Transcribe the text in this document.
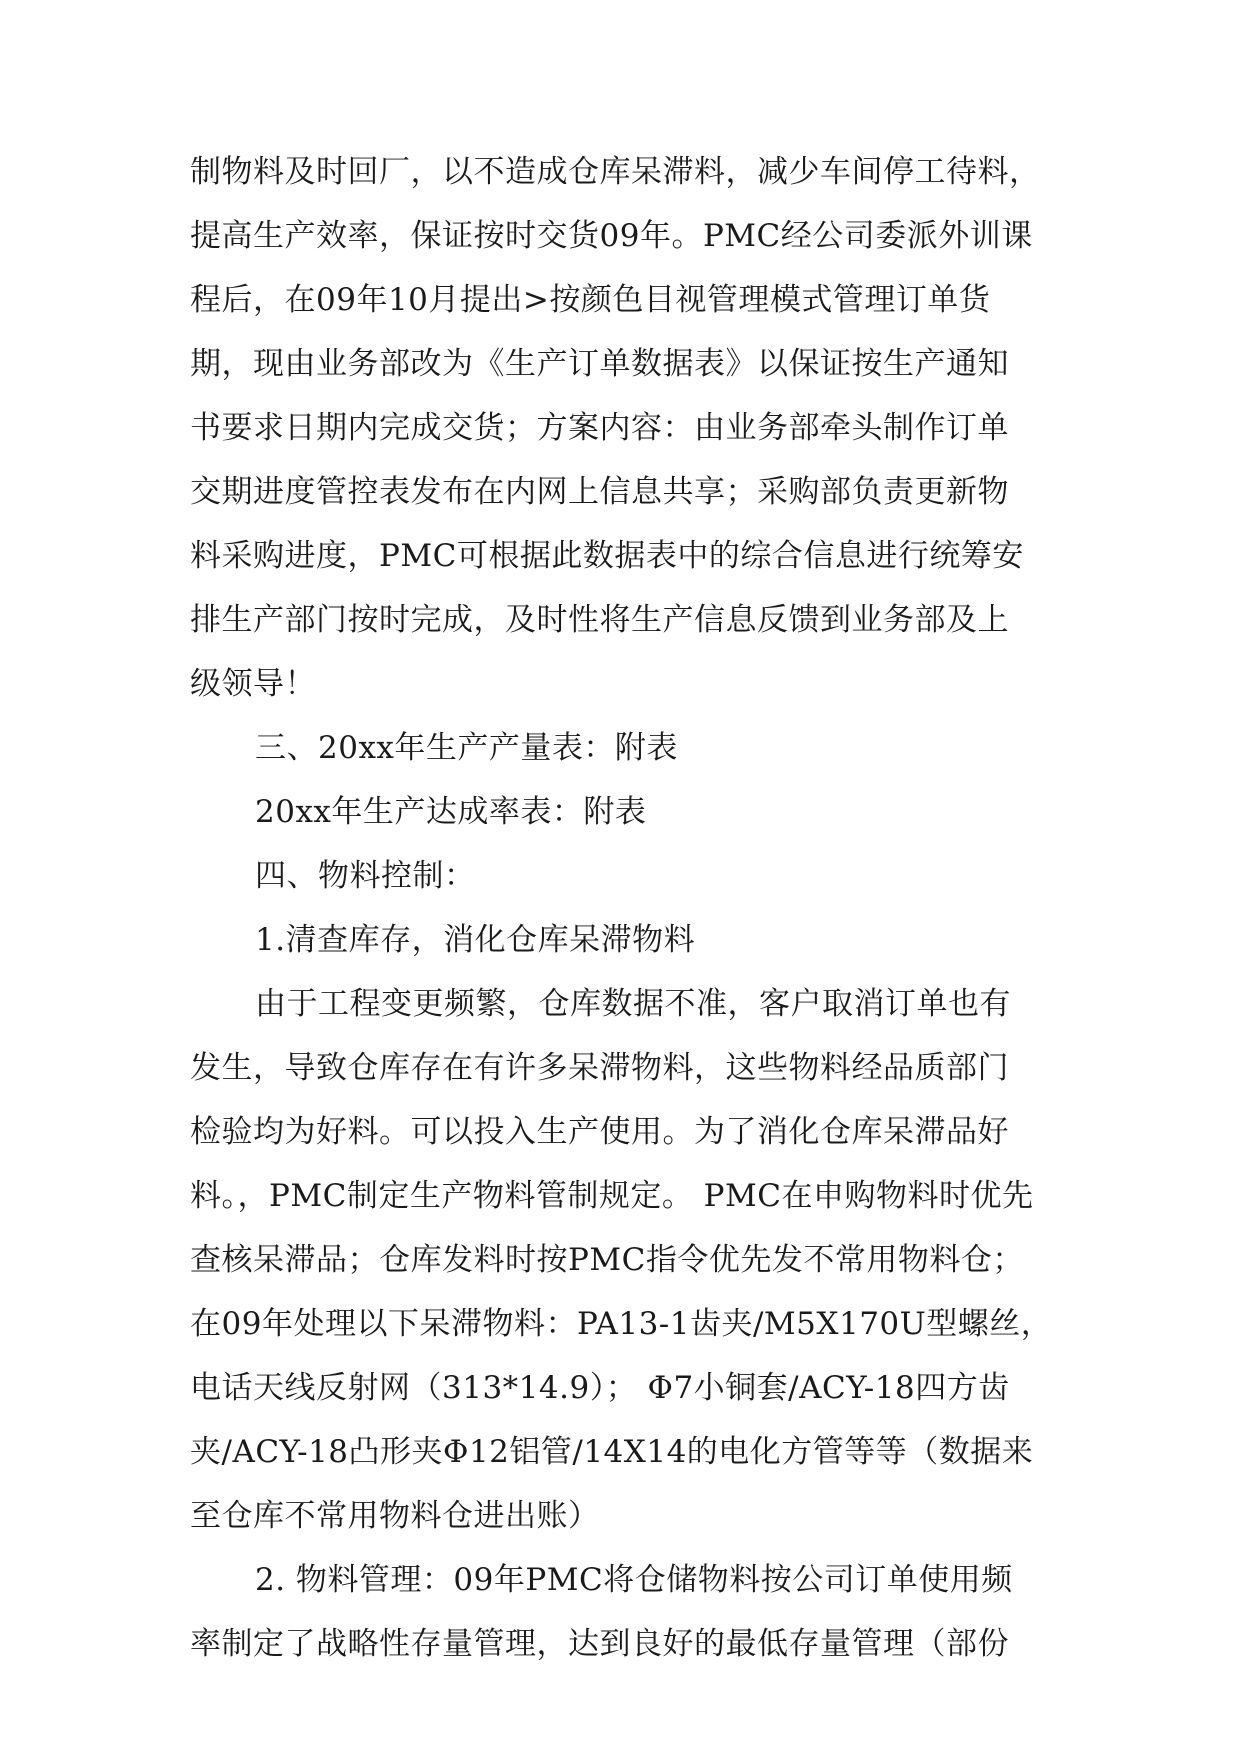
制物料及时回厂，以不造成仓库呆滞料，减少车间停工待料，
提高生产效率，保证按时交货09年。PMC经公司委派外训课
程后，在09年10月提出>按颜色目视管理模式管理订单货
期，现由业务部改为《生产订单数据表》以保证按生产通知
书要求日期内完成交货；方案内容：由业务部牵头制作订单
交期进度管控表发布在内网上信息共享；采购部负责更新物
料采购进度，PMC可根据此数据表中的综合信息进行统筹安
排生产部门按时完成，及时性将生产信息反馈到业务部及上
级领导！
三、20xx年生产产量表：附表
20xx年生产达成率表：附表
四、物料控制：
1.清查库存，消化仓库呆滞物料
由于工程变更频繁，仓库数据不准，客户取消订单也有
发生，导致仓库存在有许多呆滞物料，这些物料经品质部门
检验均为好料。可以投入生产使用。为了消化仓库呆滞品好
料。，PMC制定生产物料管制规定。 PMC在申购物料时优先
查核呆滞品；仓库发料时按PMC指令优先发不常用物料仓；
在09年处理以下呆滞物料：PA13-1齿夹/M5X170U型螺丝，
电话天线反射网（313*14.9）； Φ7小铜套/ACY-18四方齿
夹/ACY-18凸形夹Φ12铝管/14X14的电化方管等等（数据来
至仓库不常用物料仓进出账）
2. 物料管理：09年PMC将仓储物料按公司订单使用频
率制定了战略性存量管理，达到良好的最低存量管理（部份
